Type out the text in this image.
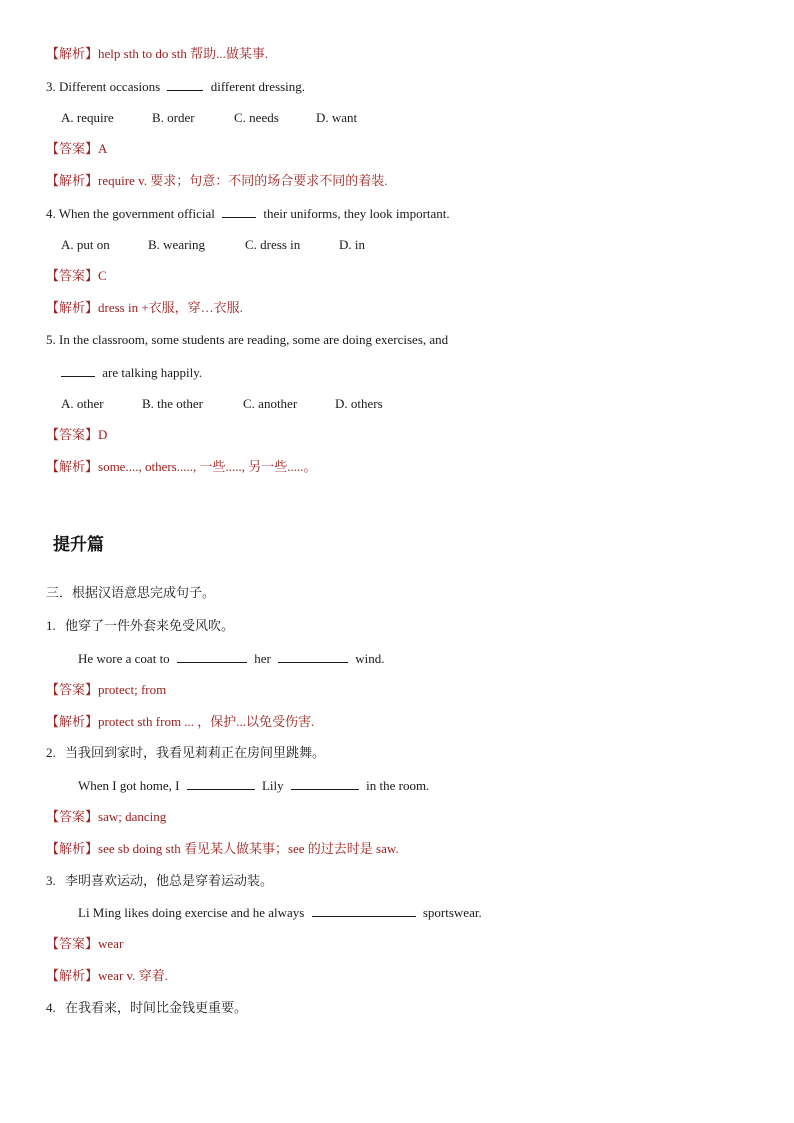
【解析】help sth to do sth 帮助...做某事.
3. Different occasions	different dressing.
A. require	B. order	C. needs	D. want
【答案】A
【解析】require v. 要求；句意：不同的场合要求不同的着装.
4. When the government official	their uniforms, they look important.
A. put on	B. wearing	C. dress in	D. in
【答案】C
【解析】dress in +衣服，穿…衣服.
5. In the classroom, some students are reading, some are doing exercises, and
are talking happily.
A. other	B. the other	C. another	D. others
【答案】D
【解析】some...., others....., 一些....., 另一些.....。
提升篇
三．根据汉语意思完成句子。
1. 他穿了一件外套来免受风吹。
He wore a coat to	her	wind.
【答案】protect; from
【解析】protect sth from ... ，保护...以免受伤害.
2. 当我回到家时，我看见莉莉正在房间里跳舞。
When I got home, I	Lily	in the room.
【答案】saw; dancing
【解析】see sb doing sth 看见某人做某事；see 的过去时是 saw.
3. 李明喜欢运动，他总是穿着运动装。
Li Ming likes doing exercise and he always	sportswear.
【答案】wear
【解析】wear v. 穿着.
4. 在我看来，时间比金钱更重要。
